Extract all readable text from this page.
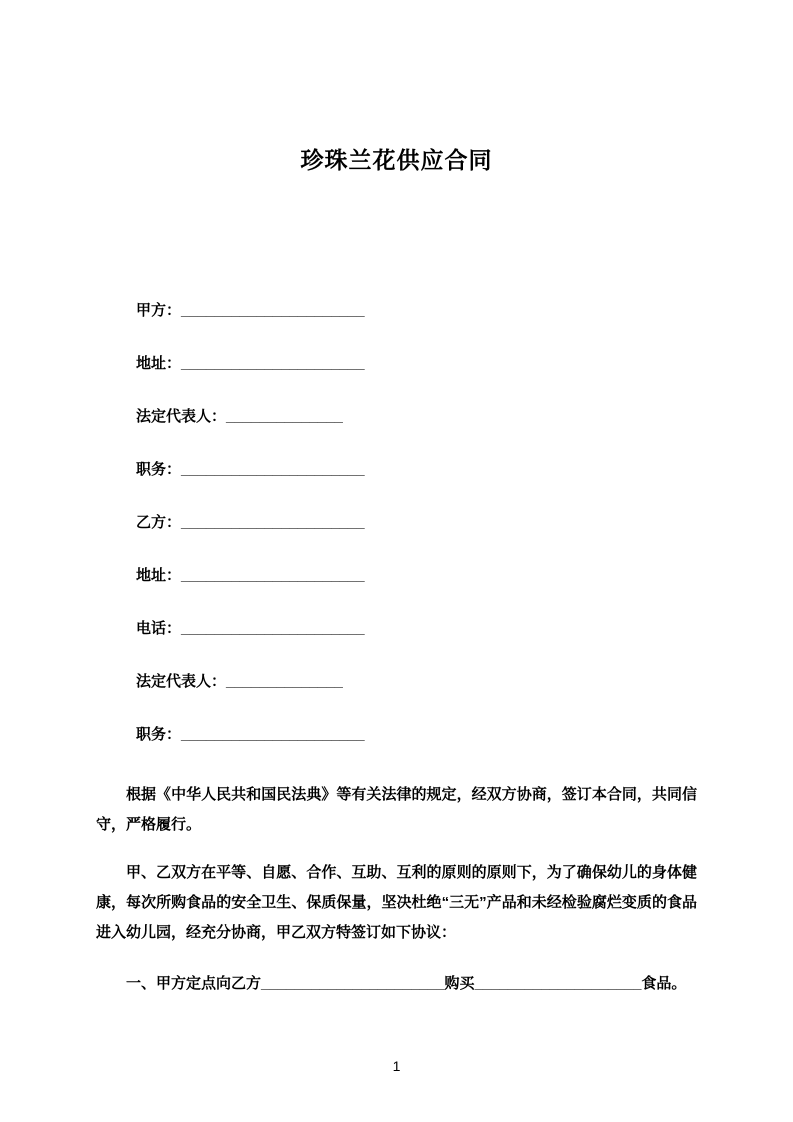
珍珠兰花供应合同
甲方：______________________
地址：______________________
法定代表人：______________
职务：______________________
乙方：______________________
地址：______________________
电话：______________________
法定代表人：______________
职务：______________________

根据《中华人民共和国民法典》等有关法律的规定，经双方协商，签订本合同，共同信守，严格履行。

甲、乙双方在平等、自愿、合作、互助、互利的原则的原则下，为了确保幼儿的身体健康，每次所购食品的安全卫生、保质保量，坚决杜绝“三无”产品和未经检验腐烂变质的食品进入幼儿园，经充分协商，甲乙双方特签订如下协议：

一、甲方定点向乙方______________________购买____________________食品。

1
